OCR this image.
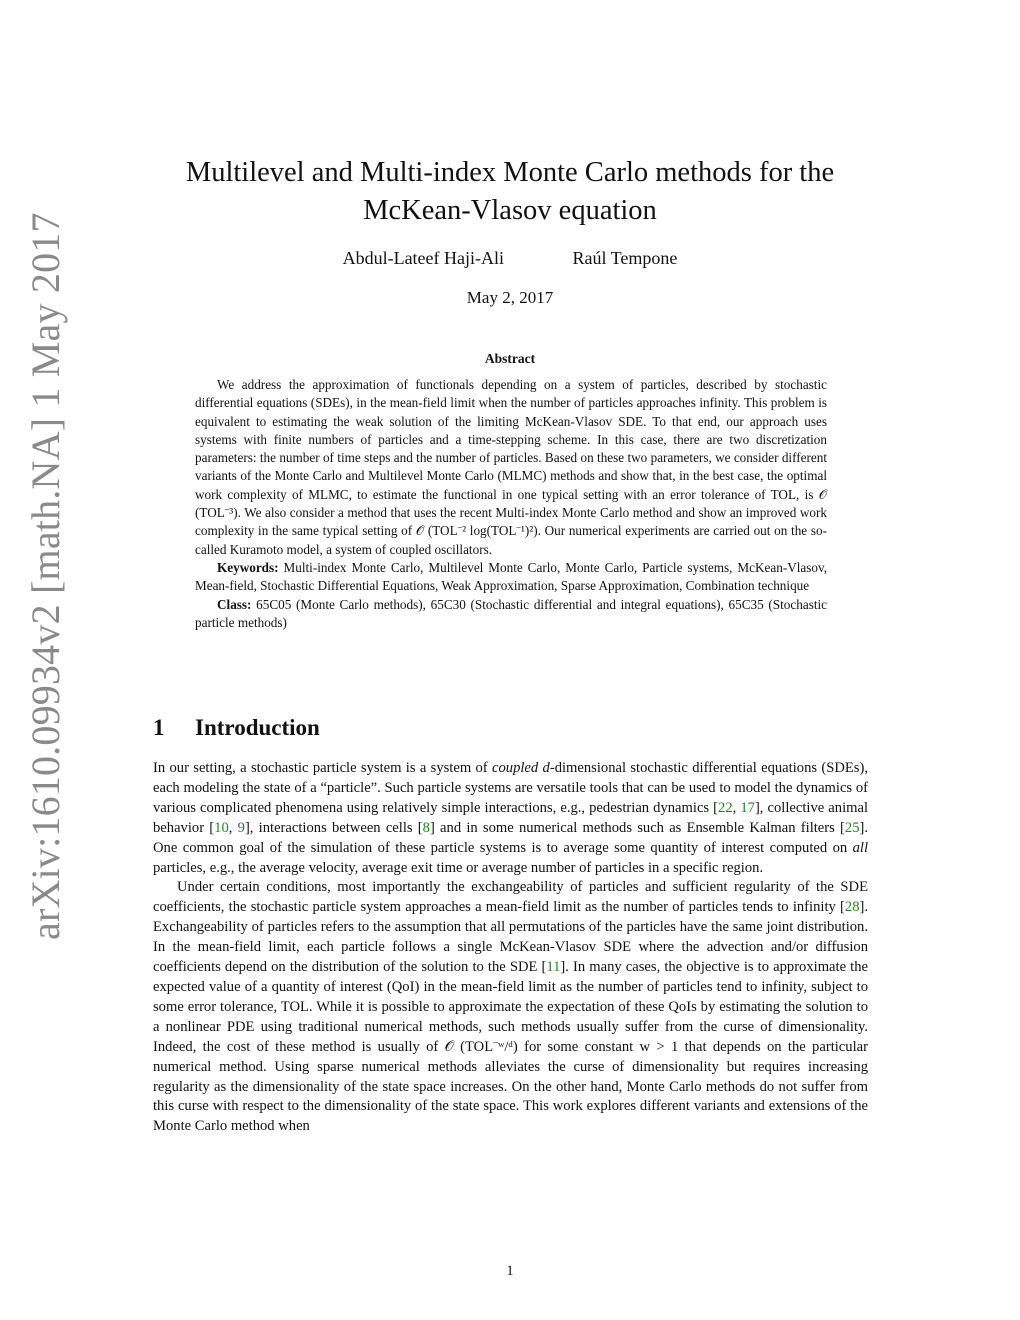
arXiv:1610.09934v2 [math.NA] 1 May 2017
Multilevel and Multi-index Monte Carlo methods for the
McKean-Vlasov equation
Abdul-Lateef Haji-Ali	Raúl Tempone
May 2, 2017
Abstract

We address the approximation of functionals depending on a system of particles, described by stochastic differential equations (SDEs), in the mean-field limit when the number of particles approaches infinity. This problem is equivalent to estimating the weak solution of the limiting McKean-Vlasov SDE. To that end, our approach uses systems with finite numbers of particles and a time-stepping scheme. In this case, there are two discretization parameters: the number of time steps and the number of particles. Based on these two parameters, we consider different variants of the Monte Carlo and Multilevel Monte Carlo (MLMC) methods and show that, in the best case, the optimal work complexity of MLMC, to estimate the functional in one typical setting with an error tolerance of TOL, is 𝒪 (TOL⁻³). We also consider a method that uses the recent Multi-index Monte Carlo method and show an improved work complexity in the same typical setting of 𝒪 (TOL⁻² log(TOL⁻¹)²). Our numerical experiments are carried out on the so-called Kuramoto model, a system of coupled oscillators.

Keywords: Multi-index Monte Carlo, Multilevel Monte Carlo, Monte Carlo, Particle systems, McKean-Vlasov, Mean-field, Stochastic Differential Equations, Weak Approximation, Sparse Approximation, Combination technique

Class: 65C05 (Monte Carlo methods), 65C30 (Stochastic differential and integral equations), 65C35 (Stochastic particle methods)

1 Introduction

In our setting, a stochastic particle system is a system of coupled d-dimensional stochastic differential equations (SDEs), each modeling the state of a “particle”. Such particle systems are versatile tools that can be used to model the dynamics of various complicated phenomena using relatively simple interactions, e.g., pedestrian dynamics [22, 17], collective animal behavior [10, 9], interactions between cells [8] and in some numerical methods such as Ensemble Kalman filters [25]. One common goal of the simulation of these particle systems is to average some quantity of interest computed on all particles, e.g., the average velocity, average exit time or average number of particles in a specific region.

Under certain conditions, most importantly the exchangeability of particles and sufficient regularity of the SDE coefficients, the stochastic particle system approaches a mean-field limit as the number of particles tends to infinity [28]. Exchangeability of particles refers to the assumption that all permutations of the particles have the same joint distribution. In the mean-field limit, each particle follows a single McKean-Vlasov SDE where the advection and/or diffusion coefficients depend on the distribution of the solution to the SDE [11]. In many cases, the objective is to approximate the expected value of a quantity of interest (QoI) in the mean-field limit as the number of particles tend to infinity, subject to some error tolerance, TOL. While it is possible to approximate the expectation of these QoIs by estimating the solution to a nonlinear PDE using traditional numerical methods, such methods usually suffer from the curse of dimensionality. Indeed, the cost of these method is usually of 𝒪 (TOL⁻ʷ/ᵈ) for some constant w > 1 that depends on the particular numerical method. Using sparse numerical methods alleviates the curse of dimensionality but requires increasing regularity as the dimensionality of the state space increases. On the other hand, Monte Carlo methods do not suffer from this curse with respect to the dimensionality of the state space. This work explores different variants and extensions of the Monte Carlo method when

1
